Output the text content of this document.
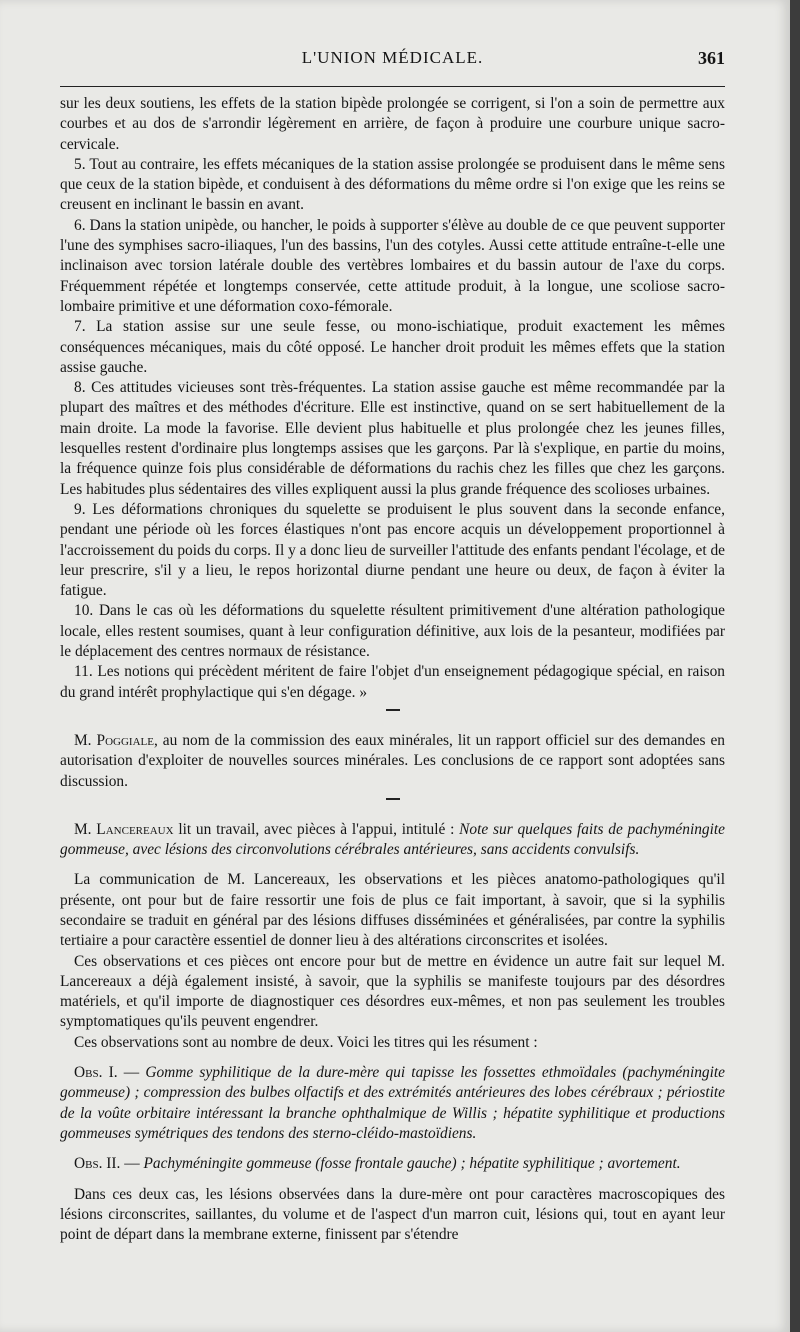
L'UNION MÉDICALE.	361

sur les deux soutiens, les effets de la station bipède prolongée se corrigent, si l'on a soin de permettre aux courbes et au dos de s'arrondir légèrement en arrière, de façon à produire une courbure unique sacro-cervicale.

5. Tout au contraire, les effets mécaniques de la station assise prolongée se produisent dans le même sens que ceux de la station bipède, et conduisent à des déformations du même ordre si l'on exige que les reins se creusent en inclinant le bassin en avant.

6. Dans la station unipède, ou hancher, le poids à supporter s'élève au double de ce que peuvent supporter l'une des symphises sacro-iliaques, l'un des bassins, l'un des cotyles. Aussi cette attitude entraîne-t-elle une inclinaison avec torsion latérale double des vertèbres lombaires et du bassin autour de l'axe du corps. Fréquemment répétée et longtemps conservée, cette attitude produit, à la longue, une scoliose sacro-lombaire primitive et une déformation coxo-fémorale.

7. La station assise sur une seule fesse, ou mono-ischiatique, produit exactement les mêmes conséquences mécaniques, mais du côté opposé. Le hancher droit produit les mêmes effets que la station assise gauche.

8. Ces attitudes vicieuses sont très-fréquentes. La station assise gauche est même recommandée par la plupart des maîtres et des méthodes d'écriture. Elle est instinctive, quand on se sert habituellement de la main droite. La mode la favorise. Elle devient plus habituelle et plus prolongée chez les jeunes filles, lesquelles restent d'ordinaire plus longtemps assises que les garçons. Par là s'explique, en partie du moins, la fréquence quinze fois plus considérable de déformations du rachis chez les filles que chez les garçons. Les habitudes plus sédentaires des villes expliquent aussi la plus grande fréquence des scolioses urbaines.

9. Les déformations chroniques du squelette se produisent le plus souvent dans la seconde enfance, pendant une période où les forces élastiques n'ont pas encore acquis un développement proportionnel à l'accroissement du poids du corps. Il y a donc lieu de surveiller l'attitude des enfants pendant l'écolage, et de leur prescrire, s'il y a lieu, le repos horizontal diurne pendant une heure ou deux, de façon à éviter la fatigue.

10. Dans le cas où les déformations du squelette résultent primitivement d'une altération pathologique locale, elles restent soumises, quant à leur configuration définitive, aux lois de la pesanteur, modifiées par le déplacement des centres normaux de résistance.

11. Les notions qui précèdent méritent de faire l'objet d'un enseignement pédagogique spécial, en raison du grand intérêt prophylactique qui s'en dégage. »

M. Poggiale, au nom de la commission des eaux minérales, lit un rapport officiel sur des demandes en autorisation d'exploiter de nouvelles sources minérales. Les conclusions de ce rapport sont adoptées sans discussion.

M. Lancereaux lit un travail, avec pièces à l'appui, intitulé : Note sur quelques faits de pachyméningite gommeuse, avec lésions des circonvolutions cérébrales antérieures, sans accidents convulsifs.

La communication de M. Lancereaux, les observations et les pièces anatomo-pathologiques qu'il présente, ont pour but de faire ressortir une fois de plus ce fait important, à savoir, que si la syphilis secondaire se traduit en général par des lésions diffuses disséminées et généralisées, par contre la syphilis tertiaire a pour caractère essentiel de donner lieu à des altérations circonscrites et isolées.

Ces observations et ces pièces ont encore pour but de mettre en évidence un autre fait sur lequel M. Lancereaux a déjà également insisté, à savoir, que la syphilis se manifeste toujours par des désordres matériels, et qu'il importe de diagnostiquer ces désordres eux-mêmes, et non pas seulement les troubles symptomatiques qu'ils peuvent engendrer.

Ces observations sont au nombre de deux. Voici les titres qui les résument :

Obs. I. — Gomme syphilitique de la dure-mère qui tapisse les fossettes ethmoïdales (pachyméningite gommeuse) ; compression des bulbes olfactifs et des extrémités antérieures des lobes cérébraux ; périostite de la voûte orbitaire intéressant la branche ophthalmique de Willis ; hépatite syphilitique et productions gommeuses symétriques des tendons des sterno-cléido-mastoïdiens.

Obs. II. — Pachyméningite gommeuse (fosse frontale gauche) ; hépatite syphilitique ; avortement.

Dans ces deux cas, les lésions observées dans la dure-mère ont pour caractères macroscopiques des lésions circonscrites, saillantes, du volume et de l'aspect d'un marron cuit, lésions qui, tout en ayant leur point de départ dans la membrane externe, finissent par s'étendre
